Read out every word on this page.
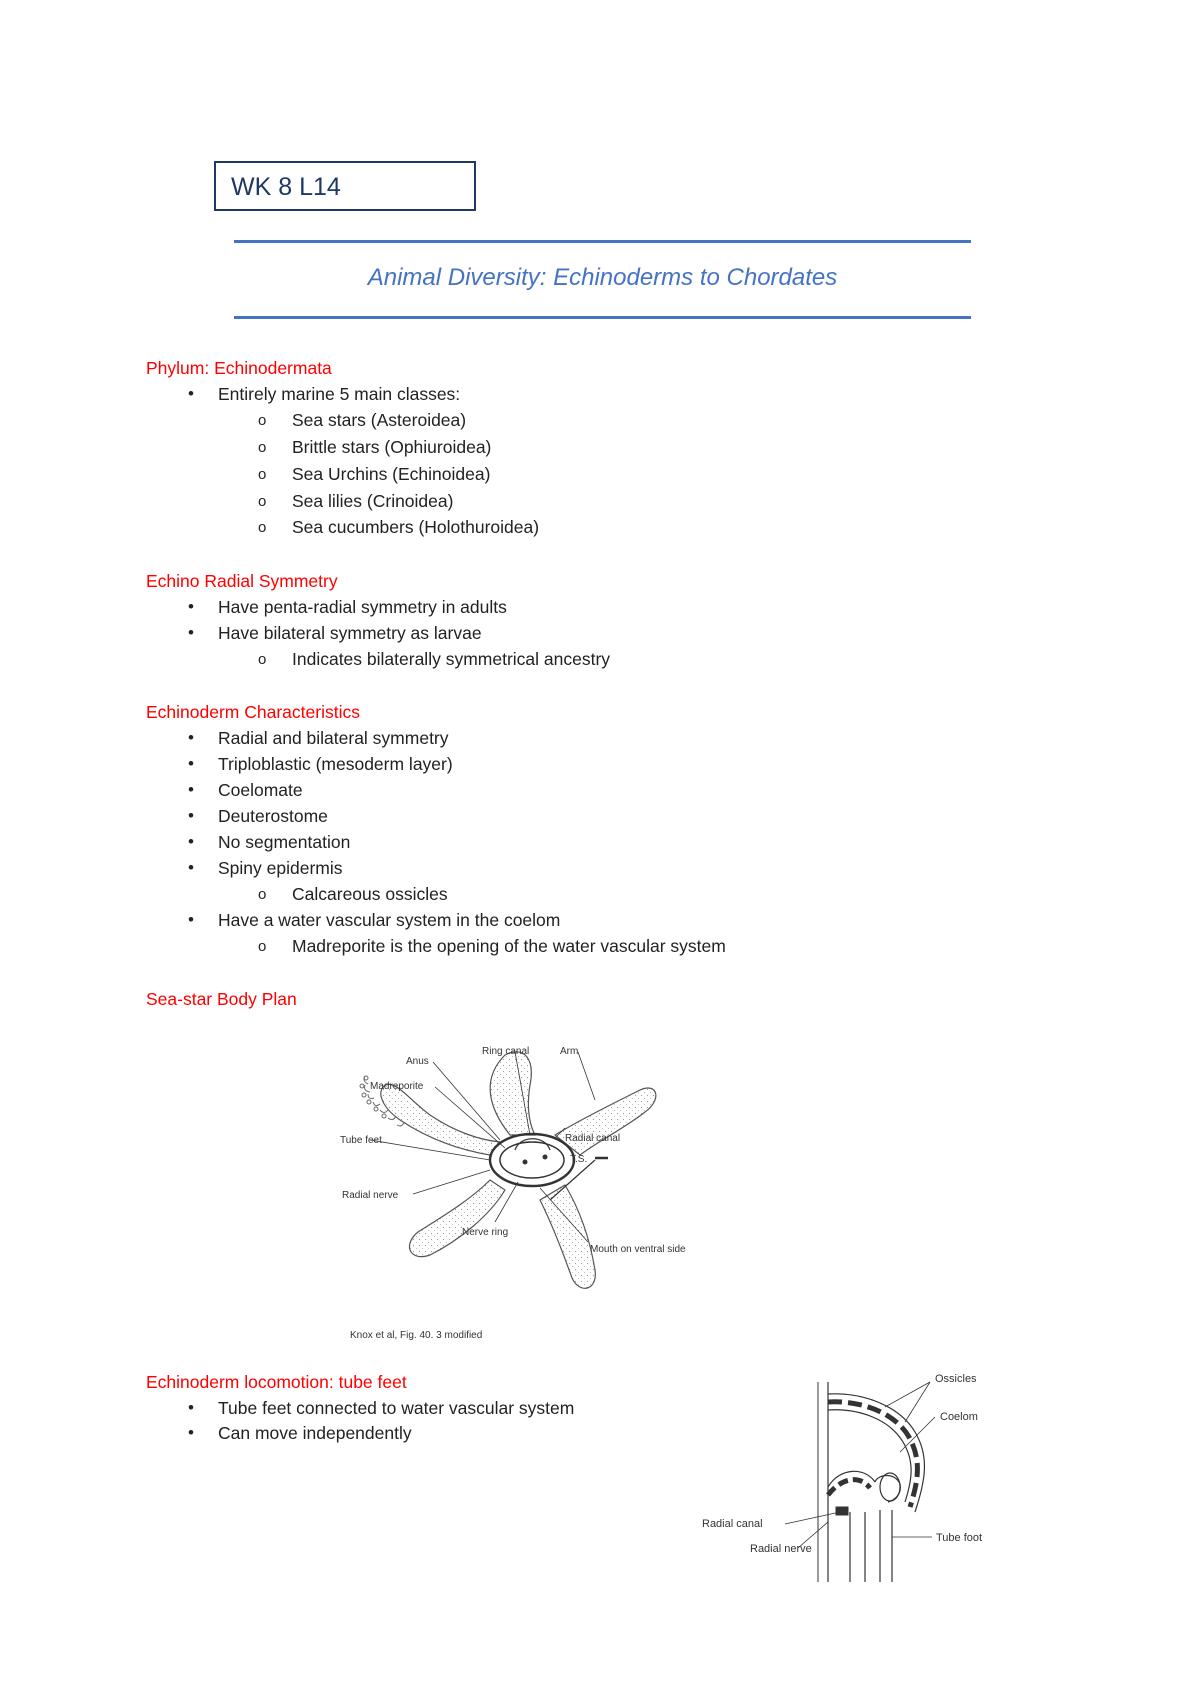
WK 8 L14
Animal Diversity: Echinoderms to Chordates
Phylum: Echinodermata
• Entirely marine 5 main classes:
o Sea stars (Asteroidea)
o Brittle stars (Ophiuroidea)
o Sea Urchins (Echinoidea)
o Sea lilies (Crinoidea)
o Sea cucumbers (Holothuroidea)
Echino Radial Symmetry
• Have penta-radial symmetry in adults
• Have bilateral symmetry as larvae
o Indicates bilaterally symmetrical ancestry
Echinoderm Characteristics
• Radial and bilateral symmetry
• Triploblastic (mesoderm layer)
• Coelomate
• Deuterostome
• No segmentation
• Spiny epidermis
o Calcareous ossicles
• Have a water vascular system in the coelom
o Madreporite is the opening of the water vascular system
Sea-star Body Plan
Ring canal	Arm
Anus
Madreporite
Tube feet	Radial canal
T.S.
Radial nerve
Nerve ring
Mouth on ventral side
Knox et al, Fig. 40. 3 modified
Echinoderm locomotion: tube feet
• Tube feet connected to water vascular system
• Can move independently
Ossicles
Coelom
Radial canal
Radial nerve
Tube foot
